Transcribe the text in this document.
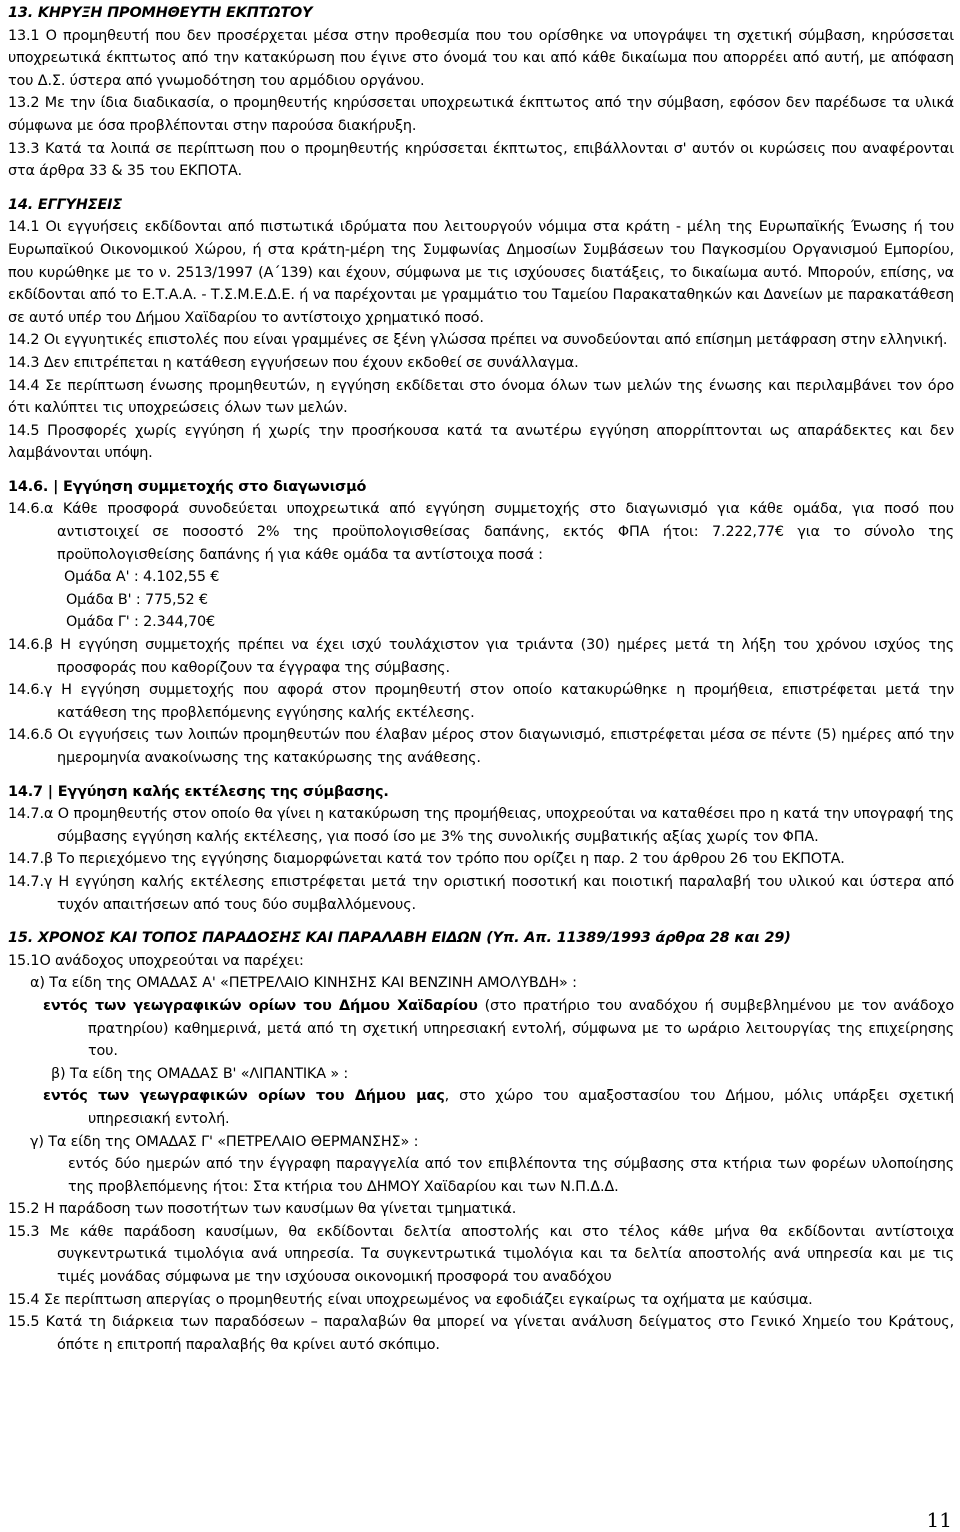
13. ΚΗΡΥΞΗ ΠΡΟΜΗΘΕΥΤΗ ΕΚΠΤΩΤΟΥ

13.1 Ο προμηθευτή που δεν προσέρχεται μέσα στην προθεσμία που του ορίσθηκε να υπογράψει τη σχετική σύμβαση, κηρύσσεται υποχρεωτικά έκπτωτος από την κατακύρωση που έγινε στο όνομά του και από κάθε δικαίωμα που απορρέει από αυτή, με απόφαση του Δ.Σ. ύστερα από γνωμοδότηση του αρμόδιου οργάνου.

13.2 Με την ίδια διαδικασία, ο προμηθευτής κηρύσσεται υποχρεωτικά έκπτωτος από την σύμβαση, εφόσον δεν παρέδωσε τα υλικά σύμφωνα με όσα προβλέπονται στην παρούσα διακήρυξη.

13.3 Κατά τα λοιπά σε περίπτωση που ο προμηθευτής κηρύσσεται έκπτωτος, επιβάλλονται σ' αυτόν οι κυρώσεις που αναφέρονται στα άρθρα 33 & 35 του ΕΚΠΟΤΑ.

14. ΕΓΓΥΗΣΕΙΣ

14.1 Οι εγγυήσεις εκδίδονται από πιστωτικά ιδρύματα που λειτουργούν νόμιμα στα κράτη - μέλη της Ευρωπαϊκής Ένωσης ή του Ευρωπαϊκού Οικονομικού Χώρου, ή στα κράτη-μέρη της Συμφωνίας Δημοσίων Συμβάσεων του Παγκοσμίου Οργανισμού Εμπορίου, που κυρώθηκε με το ν. 2513/1997 (Α΄139) και έχουν, σύμφωνα με τις ισχύουσες διατάξεις, το δικαίωμα αυτό. Μπορούν, επίσης, να εκδίδονται από το Ε.Τ.Α.Α. - Τ.Σ.Μ.Ε.Δ.Ε. ή να παρέχονται με γραμμάτιο του Ταμείου Παρακαταθηκών και Δανείων με παρακατάθεση σε αυτό υπέρ του Δήμου Χαϊδαρίου το αντίστοιχο χρηματικό ποσό.

14.2 Οι εγγυητικές επιστολές που είναι γραμμένες σε ξένη γλώσσα πρέπει να συνοδεύονται από επίσημη μετάφραση στην ελληνική.

14.3 Δεν επιτρέπεται η κατάθεση εγγυήσεων που έχουν εκδοθεί σε συνάλλαγμα.

14.4 Σε περίπτωση ένωσης προμηθευτών, η εγγύηση εκδίδεται στο όνομα όλων των μελών της ένωσης και περιλαμβάνει τον όρο ότι καλύπτει τις υποχρεώσεις όλων των μελών.

14.5 Προσφορές χωρίς εγγύηση ή χωρίς την προσήκουσα κατά τα ανωτέρω εγγύηση απορρίπτονται ως απαράδεκτες και δεν λαμβάνονται υπόψη.

14.6. | Εγγύηση συμμετοχής στο διαγωνισμό

14.6.α Κάθε προσφορά συνοδεύεται υποχρεωτικά από εγγύηση συμμετοχής στο διαγωνισμό για κάθε ομάδα, για ποσό που αντιστοιχεί σε ποσοστό 2% της προϋπολογισθείσας δαπάνης, εκτός ΦΠΑ ήτοι: 7.222,77€ για το σύνολο της προϋπολογισθείσης δαπάνης ή για κάθε ομάδα τα αντίστοιχα ποσά :

Ομάδα Α' : 4.102,55 €

Ομάδα Β' : 775,52 €

Ομάδα Γ' : 2.344,70€

14.6.β Η εγγύηση συμμετοχής πρέπει να έχει ισχύ τουλάχιστον για τριάντα (30) ημέρες μετά τη λήξη του χρόνου ισχύος της προσφοράς που καθορίζουν τα έγγραφα της σύμβασης.

14.6.γ Η εγγύηση συμμετοχής που αφορά στον προμηθευτή στον οποίο κατακυρώθηκε η προμήθεια, επιστρέφεται μετά την κατάθεση της προβλεπόμενης εγγύησης καλής εκτέλεσης.

14.6.δ Οι εγγυήσεις των λοιπών προμηθευτών που έλαβαν μέρος στον διαγωνισμό, επιστρέφεται μέσα σε πέντε (5) ημέρες από την ημερομηνία ανακοίνωσης της κατακύρωσης της ανάθεσης.

14.7 | Εγγύηση καλής εκτέλεσης της σύμβασης.

14.7.α Ο προμηθευτής στον οποίο θα γίνει η κατακύρωση της προμήθειας, υποχρεούται να καταθέσει προ η κατά την υπογραφή της σύμβασης εγγύηση καλής εκτέλεσης, για ποσό ίσο με 3% της συνολικής συμβατικής αξίας χωρίς τον ΦΠΑ.

14.7.β Το περιεχόμενο της εγγύησης διαμορφώνεται κατά τον τρόπο που ορίζει η παρ. 2 του άρθρου 26 του ΕΚΠΟΤΑ.

14.7.γ Η εγγύηση καλής εκτέλεσης επιστρέφεται μετά την οριστική ποσοτική και ποιοτική παραλαβή του υλικού και ύστερα από τυχόν απαιτήσεων από τους δύο συμβαλλόμενους.

15. ΧΡΟΝΟΣ ΚΑΙ ΤΟΠΟΣ ΠΑΡΑΔΟΣΗΣ ΚΑΙ ΠΑΡΑΛΑΒΗ ΕΙΔΩΝ (Υπ. Απ. 11389/1993 άρθρα 28 και 29)

15.1Ο ανάδοχος υποχρεούται να παρέχει:

α) Τα είδη της ΟΜΑΔΑΣ Α' «ΠΕΤΡΕΛΑΙΟ ΚΙΝΗΣΗΣ ΚΑΙ ΒΕΝΖΙΝΗ ΑΜΟΛΥΒΔΗ» :

εντός των γεωγραφικών ορίων του Δήμου Χαϊδαρίου (στο πρατήριο του αναδόχου ή συμβεβλημένου με τον ανάδοχο πρατηρίου) καθημερινά, μετά από τη σχετική υπηρεσιακή εντολή, σύμφωνα με το ωράριο λειτουργίας της επιχείρησης του.

β) Τα είδη της ΟΜΑΔΑΣ Β' «ΛΙΠΑΝΤΙΚΑ » :

εντός των γεωγραφικών ορίων του Δήμου μας, στο χώρο του αμαξοστασίου του Δήμου, μόλις υπάρξει σχετική υπηρεσιακή εντολή.

γ) Τα είδη της ΟΜΑΔΑΣ Γ' «ΠΕΤΡΕΛΑΙΟ ΘΕΡΜΑΝΣΗΣ» :

εντός δύο ημερών από την έγγραφη παραγγελία από τον επιβλέποντα της σύμβασης στα κτήρια των φορέων υλοποίησης της προβλεπόμενης ήτοι: Στα κτήρια του ΔΗΜΟΥ Χαϊδαρίου και των Ν.Π.Δ.Δ.

15.2 Η παράδοση των ποσοτήτων των καυσίμων θα γίνεται τμηματικά.

15.3 Με κάθε παράδοση καυσίμων, θα εκδίδονται δελτία αποστολής και στο τέλος κάθε μήνα θα εκδίδονται αντίστοιχα συγκεντρωτικά τιμολόγια ανά υπηρεσία. Τα συγκεντρωτικά τιμολόγια και τα δελτία αποστολής ανά υπηρεσία και με τις τιμές μονάδας σύμφωνα με την ισχύουσα οικονομική προσφορά του αναδόχου

15.4 Σε περίπτωση απεργίας ο προμηθευτής είναι υποχρεωμένος να εφοδιάζει εγκαίρως τα οχήματα με καύσιμα.

15.5 Κατά τη διάρκεια των παραδόσεων – παραλαβών θα μπορεί να γίνεται ανάλυση δείγματος στο Γενικό Χημείο του Κράτους, όπότε η επιτροπή παραλαβής θα κρίνει αυτό σκόπιμο.

11
